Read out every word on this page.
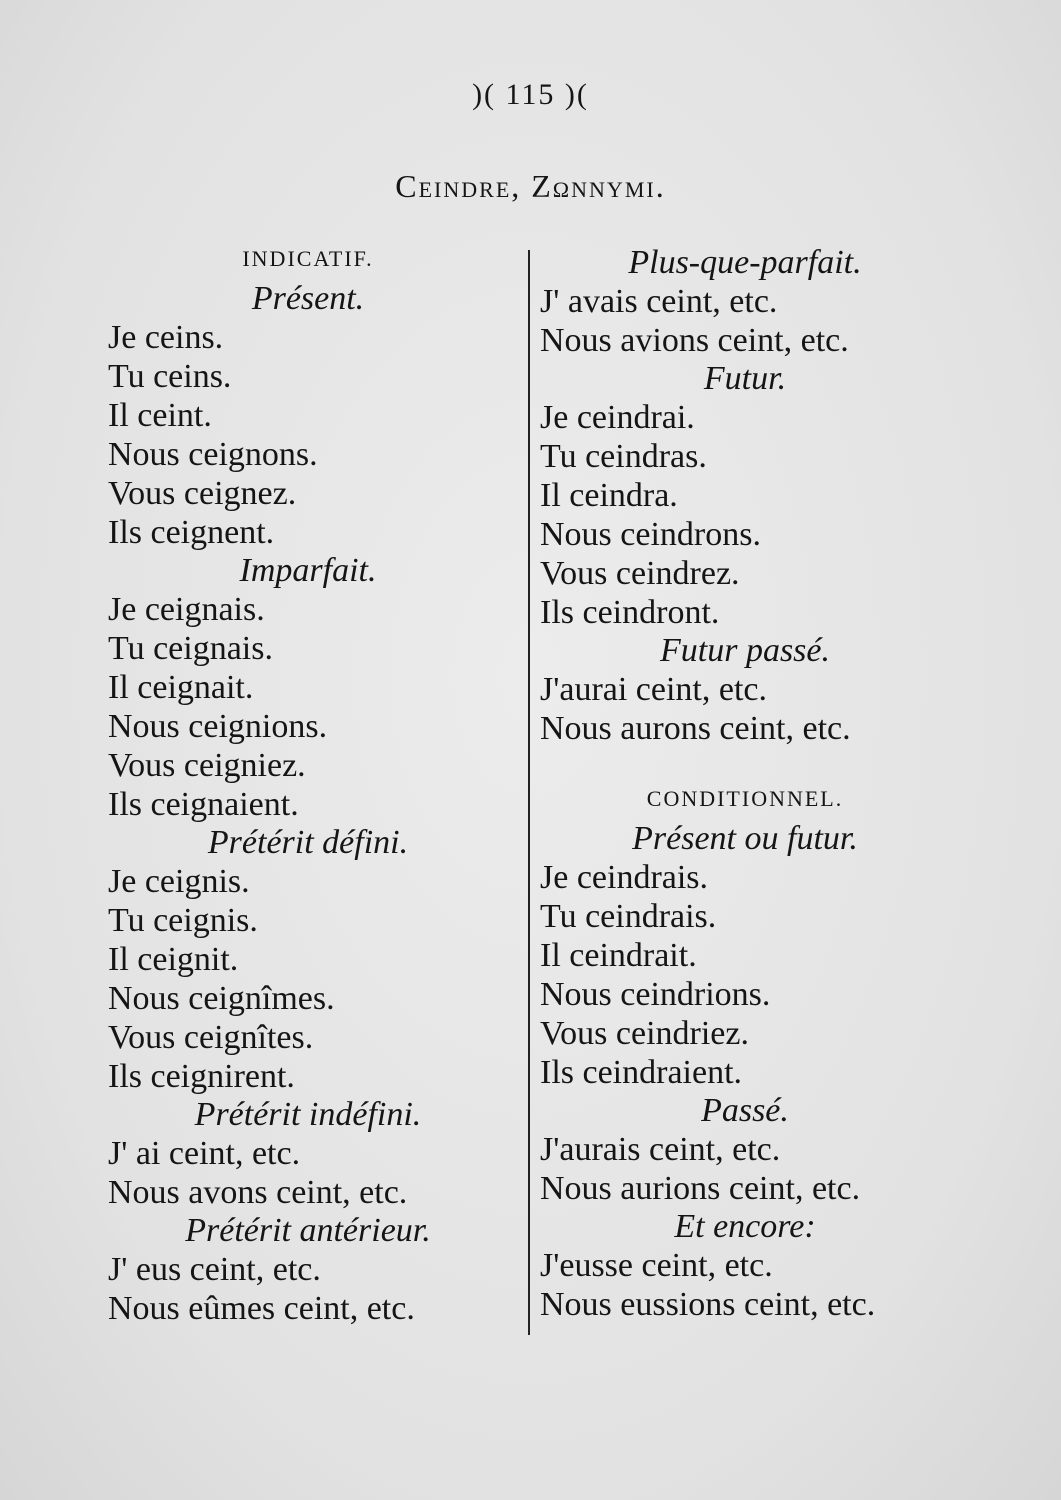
)( 115 )(
Ceindre, Ζωννυμι.
INDICATIF.
Présent.
Je ceins.
Tu ceins.
Il ceint.
Nous ceignons.
Vous ceignez.
Ils ceignent.
Imparfait.
Je ceignais.
Tu ceignais.
Il ceignait.
Nous ceignions.
Vous ceigniez.
Ils ceignaient.
Prétérit défini.
Je ceignis.
Tu ceignis.
Il ceignit.
Nous ceignîmes.
Vous ceignîtes.
Ils ceignirent.
Prétérit indéfini.
J' ai ceint, etc.
Nous avons ceint, etc.
Prétérit antérieur.
J' eus ceint, etc.
Nous eûmes ceint, etc.
Plus-que-parfait.
J' avais ceint, etc.
Nous avions ceint, etc.
Futur.
Je ceindrai.
Tu ceindras.
Il ceindra.
Nous ceindrons.
Vous ceindrez.
Ils ceindront.
Futur passé.
J'aurai ceint, etc.
Nous aurons ceint, etc.
CONDITIONNEL.
Présent ou futur.
Je ceindrais.
Tu ceindrais.
Il ceindrait.
Nous ceindrions.
Vous ceindriez.
Ils ceindraient.
Passé.
J'aurais ceint, etc.
Nous aurions ceint, etc.
Et encore:
J'eusse ceint, etc.
Nous eussions ceint, etc.
